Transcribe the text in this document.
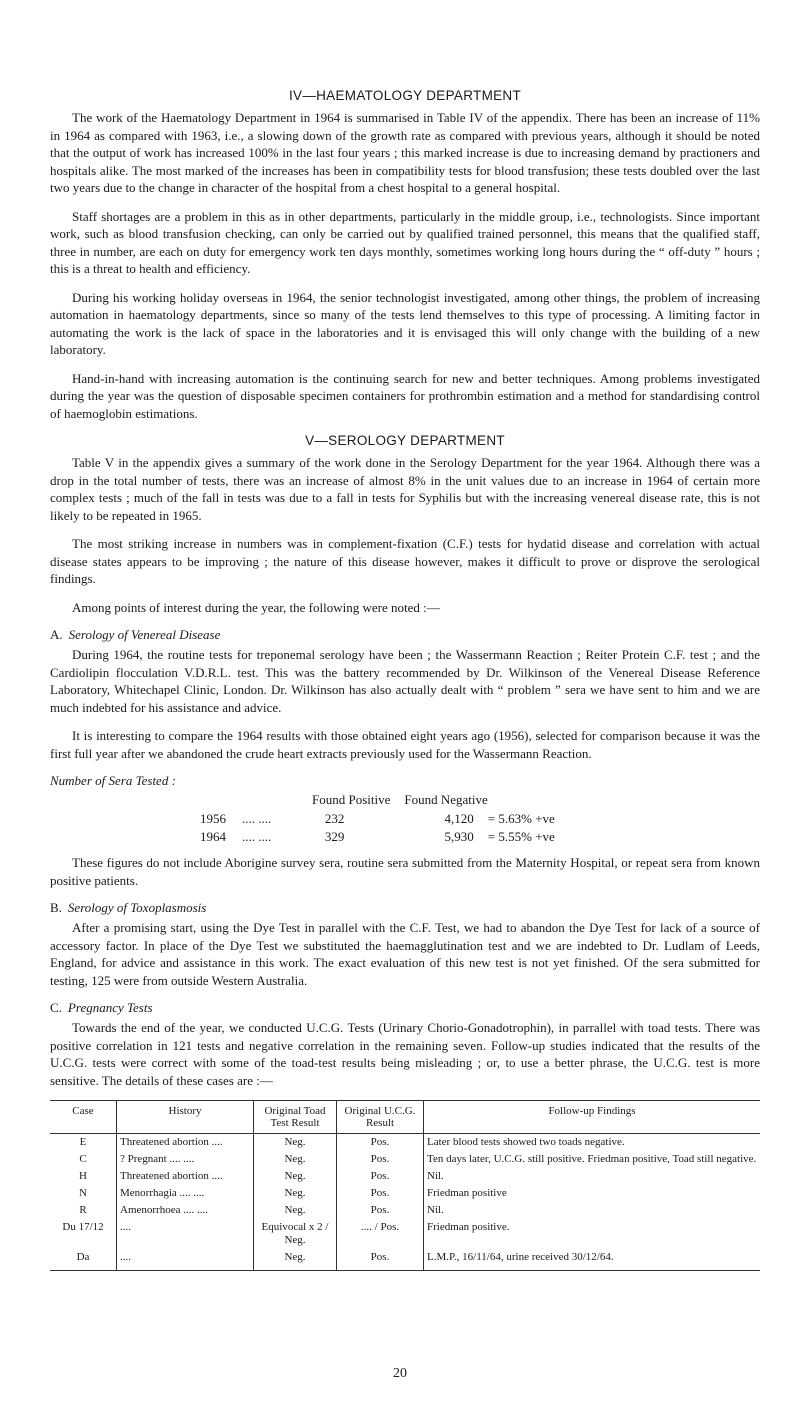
IV—HAEMATOLOGY DEPARTMENT

The work of the Haematology Department in 1964 is summarised in Table IV of the appendix. There has been an increase of 11% in 1964 as compared with 1963, i.e., a slowing down of the growth rate as compared with previous years, although it should be noted that the output of work has increased 100% in the last four years ; this marked increase is due to increasing demand by practioners and hospitals alike. The most marked of the increases has been in compatibility tests for blood transfusion; these tests doubled over the last two years due to the change in character of the hospital from a chest hospital to a general hospital.

Staff shortages are a problem in this as in other departments, particularly in the middle group, i.e., technologists. Since important work, such as blood transfusion checking, can only be carried out by qualified trained personnel, this means that the qualified staff, three in number, are each on duty for emergency work ten days monthly, sometimes working long hours during the “ off-duty ” hours ; this is a threat to health and efficiency.

During his working holiday overseas in 1964, the senior technologist investigated, among other things, the problem of increasing automation in haematology departments, since so many of the tests lend themselves to this type of processing. A limiting factor in automating the work is the lack of space in the laboratories and it is envisaged this will only change with the building of a new laboratory.

Hand-in-hand with increasing automation is the continuing search for new and better techniques. Among problems investigated during the year was the question of disposable specimen containers for prothrombin estimation and a method for standardising control of haemoglobin estimations.

V—SEROLOGY DEPARTMENT

Table V in the appendix gives a summary of the work done in the Serology Department for the year 1964. Although there was a drop in the total number of tests, there was an increase of almost 8% in the unit values due to an increase in 1964 of certain more complex tests ; much of the fall in tests was due to a fall in tests for Syphilis but with the increasing venereal disease rate, this is not likely to be repeated in 1965.

The most striking increase in numbers was in complement-fixation (C.F.) tests for hydatid disease and correlation with actual disease states appears to be improving ; the nature of this disease however, makes it difficult to prove or disprove the serological findings.

Among points of interest during the year, the following were noted :—

A. Serology of Venereal Disease

During 1964, the routine tests for treponemal serology have been ; the Wassermann Reaction ; Reiter Protein C.F. test ; and the Cardiolipin flocculation V.D.R.L. test. This was the battery recommended by Dr. Wilkinson of the Venereal Disease Reference Laboratory, Whitechapel Clinic, London. Dr. Wilkinson has also actually dealt with “ problem ” sera we have sent to him and we are much indebted for his assistance and advice.

It is interesting to compare the 1964 results with those obtained eight years ago (1956), selected for comparison because it was the first full year after we abandoned the crude heart extracts previously used for the Wassermann Reaction.

Number of Sera Tested :
		Found Positive	Found Negative	
1956	.... ....	232	4,120	= 5.63% +ve
1964	.... ....	329	5,930	= 5.55% +ve

These figures do not include Aborigine survey sera, routine sera submitted from the Maternity Hospital, or repeat sera from known positive patients.

B. Serology of Toxoplasmosis

After a promising start, using the Dye Test in parallel with the C.F. Test, we had to abandon the Dye Test for lack of a source of accessory factor. In place of the Dye Test we substituted the haemagglutination test and we are indebted to Dr. Ludlam of Leeds, England, for advice and assistance in this work. The exact evaluation of this new test is not yet finished. Of the sera submitted for testing, 125 were from outside Western Australia.

C. Pregnancy Tests

Towards the end of the year, we conducted U.C.G. Tests (Urinary Chorio-Gonadotrophin), in parrallel with toad tests. There was positive correlation in 121 tests and negative correlation in the remaining seven. Follow-up studies indicated that the results of the U.C.G. tests were correct with some of the toad-test results being misleading ; or, to use a better phrase, the U.C.G. test is more sensitive. The details of these cases are :—

Case	History	Original Toad Test Result	Original U.C.G. Result	Follow-up Findings
E	Threatened abortion ....	Neg.	Pos.	Later blood tests showed two toads negative.
C	? Pregnant .... ....	Neg.	Pos.	Ten days later, U.C.G. still positive. Friedman positive, Toad still negative.
H	Threatened abortion ....	Neg.	Pos.	Nil.
N	Menorrhagia .... ....	Neg.	Pos.	Friedman positive
R	Amenorrhoea .... ....	Neg.	Pos.	Nil.
Du 17/12	....	Equivocal x 2 / Neg.	.... / Pos.	Friedman positive.
Da	....	Neg.	Pos.	L.M.P., 16/11/64, urine received 30/12/64.
20
